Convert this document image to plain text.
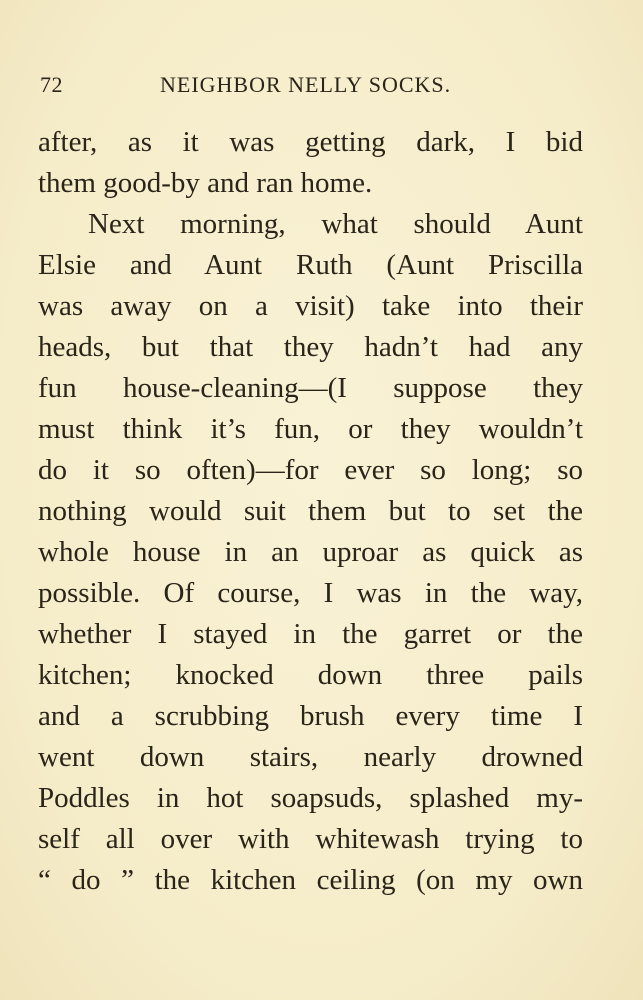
72	NEIGHBOR NELLY SOCKS.
after, as it was getting dark, I bid
them good-by and ran home.
Next morning, what should Aunt
Elsie and Aunt Ruth (Aunt Priscilla
was away on a visit) take into their
heads, but that they hadn’t had any
fun house-cleaning—(I suppose they
must think it’s fun, or they wouldn’t
do it so often)—for ever so long; so
nothing would suit them but to set the
whole house in an uproar as quick as
possible. Of course, I was in the way,
whether I stayed in the garret or the
kitchen; knocked down three pails
and a scrubbing brush every time I
went down stairs, nearly drowned
Poddles in hot soapsuds, splashed my-
self all over with whitewash trying to
“ do ” the kitchen ceiling (on my own
